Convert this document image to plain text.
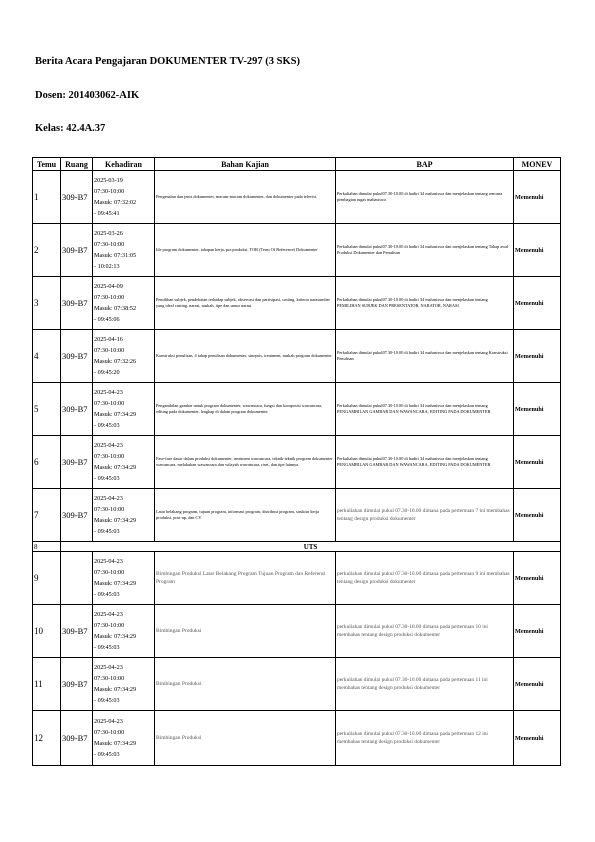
Berita Acara Pengajaran DOKUMENTER TV-297 (3 SKS)
Dosen: 201403062-AIK
Kelas: 42.4A.37
Temu	Ruang	Kehadiran	Bahan Kajian	BAP	MONEV
1	309-B7	2025-03-19
07:30-10:00
Masuk: 07:32:02
- 09:45:41	Pengenalan dan jenis dokumenter, macam-macam dokumenter, dan dokumenter pada televisi.	Perkuliahan dimulai pukul07.30-10.00 di hadiri 34 mahasiswa dan menjelaskan tentang rencana pembagian tugas mahasiswa	Memenuhi
2	309-B7	2025-03-26
07:30-10:00
Masuk: 07:31:05
- 10:02:13	Ide program dokumenter, tahapan kerja, pra produksi, TOR (Term Of Reference) Dokumenter	Perkuliahan dimulai pukul07.30-10.00 di hadiri 34 mahasiswa dan menjelaskan tentang Tahap awal Produksi Dokumenter dan Penulisan	Memenuhi
3	309-B7	2025-04-09
07:30-10:00
Masuk: 07:38:52
- 09:45:06	Pemilihan subjek, pendekatan terhadap subjek, observasi dan partisipasi, casting, kriteria narasumber yang ideal casting, narasi, naskah, tipe dan unsur narasi.	Perkuliahan dimulai pukul07.30-10.00 di hadiri 34 mahasiswa dan menjelaskan tentang PEMILIHAN SUBJEK DAN PRESENTATOR, NARATOR, NARASI	Memenuhi
4	309-B7	2025-04-16
07:30-10:00
Masuk: 07:32:26
- 09:45:20	Konstruksi penulisan, 4 tahap penulisan dokumenter, sinopsis, treatment, naskah program dokumenter.	Perkuliahan dimulai pukul07.30-10.00 di hadiri 34 mahasiswa dan menjelaskan tentang Konstruksi Penulisan	Memenuhi
5	309-B7	2025-04-23
07:30-10:00
Masuk: 07:34:29
- 09:45:03	Pengambilan gambar untuk program dokumenter, wawancara, fungsi dan komposisi wawancara, editing pada dokumenter, lengkap di dalam program dokumenter.	Perkuliahan dimulai pukul07.30-10.00 di hadiri 34 mahasiswa dan menjelaskan tentang PENGAMBILAN GAMBAR DAN WAWANCARA, EDITING PADA DOKUMENTER	Memenuhi
6	309-B7	2025-04-23
07:30-10:00
Masuk: 07:34:29
- 09:45:03	Fase-fase dasar dalam produksi dokumenter, treatment wawancara, teknik-teknik program dokumenter wawancara, melakukan wawancara dan wilayah wawancara, riset, dan tipe lainnya.	Perkuliahan dimulai pukul07.30-10.00 di hadiri 34 mahasiswa dan menjelaskan tentang PENGAMBILAN GAMBAR DAN WAWANCARA, EDITING PADA DOKUMENTER	Memenuhi
7	309-B7	2025-04-23
07:30-10:00
Masuk: 07:34:29
- 09:45:03	Latar belakang program, tujuan program, informasi program, distribusi program, struktur kerja produksi, post-up, dan CV	perkuliahan dimulai pukul 07.30-10.00 dimana pada pertemuan 7 ini membahas tentang design produksi dokumenter	Memenuhi
8	UTS				
9		2025-04-23
07:30-10:00
Masuk: 07:34:29
- 09:45:03	Bimbingan Produksi Latar Belakang Program Tujuan Program dan Referensi Program	perkuliahan dimulai pukul 07.30-10.00 dimana pada pertemuan 9 ini membahas tentang design produksi dokumenter	Memenuhi
10	309-B7	2025-04-23
07:30-10:00
Masuk: 07:34:29
- 09:45:03	Bimbingan Produksi	perkuliahan dimulai pukul 07.30-10.00 dimana pada pertemuan 10 ini membahas tentang design produksi dokumenter	Memenuhi
11	309-B7	2025-04-23
07:30-10:00
Masuk: 07:34:29
- 09:45:03	Bimbingan Produksi	perkuliahan dimulai pukul 07.30-10.00 dimana pada pertemuan 11 ini membahas tentang design produksi dokumenter	Memenuhi
12	309-B7	2025-04-23
07:30-10:00
Masuk: 07:34:29
- 09:45:03	Bimbingan Produksi	perkuliahan dimulai pukul 07.30-10.00 dimana pada pertemuan 12 ini membahas tentang design produksi dokumenter	Memenuhi
